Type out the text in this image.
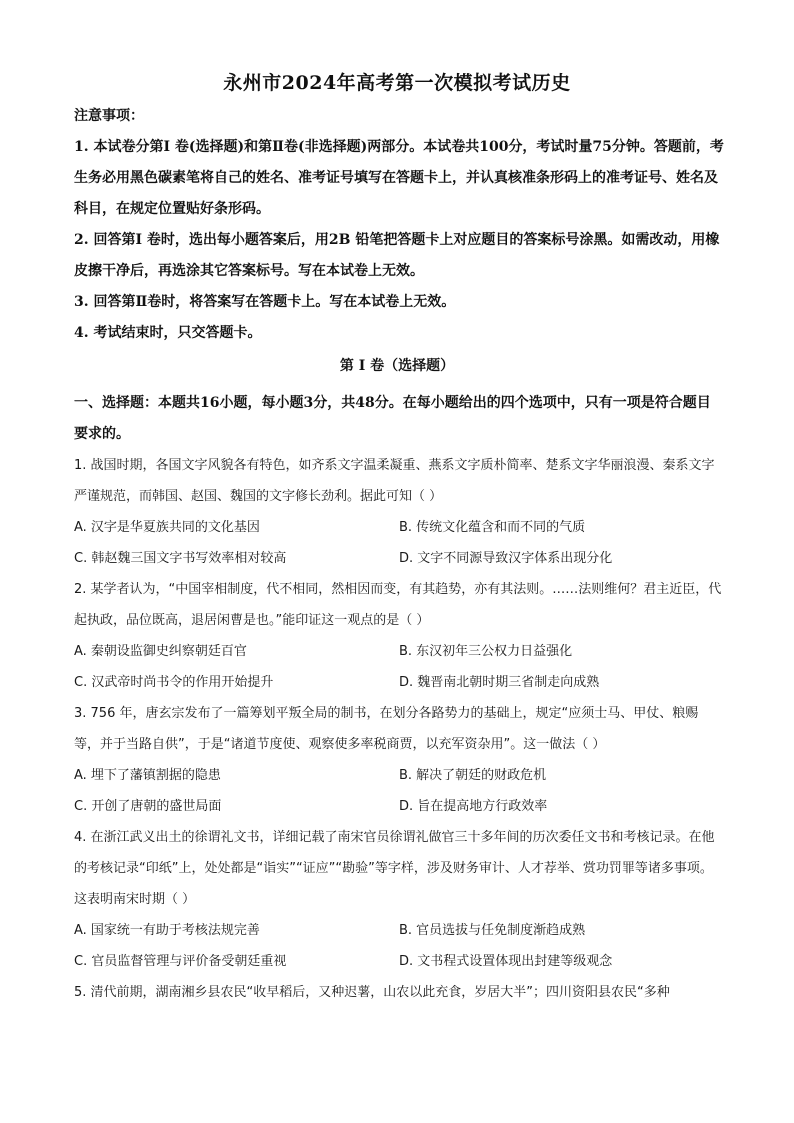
永州市2024年高考第一次模拟考试历史
注意事项：
1. 本试卷分第Ⅰ 卷(选择题)和第Ⅱ卷(非选择题)两部分。本试卷共100分，考试时量75分钟。答题前，考生务必用黑色碳素笔将自己的姓名、准考证号填写在答题卡上，并认真核准条形码上的准考证号、姓名及科目，在规定位置贴好条形码。
2. 回答第Ⅰ 卷时，选出每小题答案后，用2B 铅笔把答题卡上对应题目的答案标号涂黑。如需改动，用橡皮擦干净后，再选涂其它答案标号。写在本试卷上无效。
3. 回答第Ⅱ卷时，将答案写在答题卡上。写在本试卷上无效。
4. 考试结束时，只交答题卡。
第 Ⅰ 卷（选择题）
一、选择题：本题共16小题，每小题3分，共48分。在每小题给出的四个选项中，只有一项是符合题目要求的。
1. 战国时期，各国文字风貌各有特色，如齐系文字温柔凝重、燕系文字质朴简率、楚系文字华丽浪漫、秦系文字严谨规范，而韩国、赵国、魏国的文字修长劲利。据此可知（ ）
A. 汉字是华夏族共同的文化基因	B. 传统文化蕴含和而不同的气质
C. 韩赵魏三国文字书写效率相对较高	D. 文字不同源导致汉字体系出现分化
2. 某学者认为，“中国宰相制度，代不相同，然相因而变，有其趋势，亦有其法则。……法则维何？君主近臣，代起执政，品位既高，退居闲曹是也。”能印证这一观点的是（ ）
A. 秦朝设监御史纠察朝廷百官	B. 东汉初年三公权力日益强化
C. 汉武帝时尚书令的作用开始提升	D. 魏晋南北朝时期三省制走向成熟
3. 756 年，唐玄宗发布了一篇筹划平叛全局的制书，在划分各路势力的基础上，规定“应须士马、甲仗、粮赐等，并于当路自供”，于是“诸道节度使、观察使多率税商贾，以充军资杂用”。这一做法（ ）
A. 埋下了藩镇割据的隐患	B. 解决了朝廷的财政危机
C. 开创了唐朝的盛世局面	D. 旨在提高地方行政效率
4. 在浙江武义出土的徐谓礼文书，详细记载了南宋官员徐谓礼做官三十多年间的历次委任文书和考核记录。在他的考核记录“印纸”上，处处都是“诣实”“证应”“勘验”等字样，涉及财务审计、人才荐举、赏功罚罪等诸多事项。这表明南宋时期（ ）
A. 国家统一有助于考核法规完善	B. 官员选拔与任免制度渐趋成熟
C. 官员监督管理与评价备受朝廷重视	D. 文书程式设置体现出封建等级观念
5. 清代前期，湖南湘乡县农民“收早稻后，又种迟薯，山农以此充食，岁居大半”；四川资阳县农民“多种
